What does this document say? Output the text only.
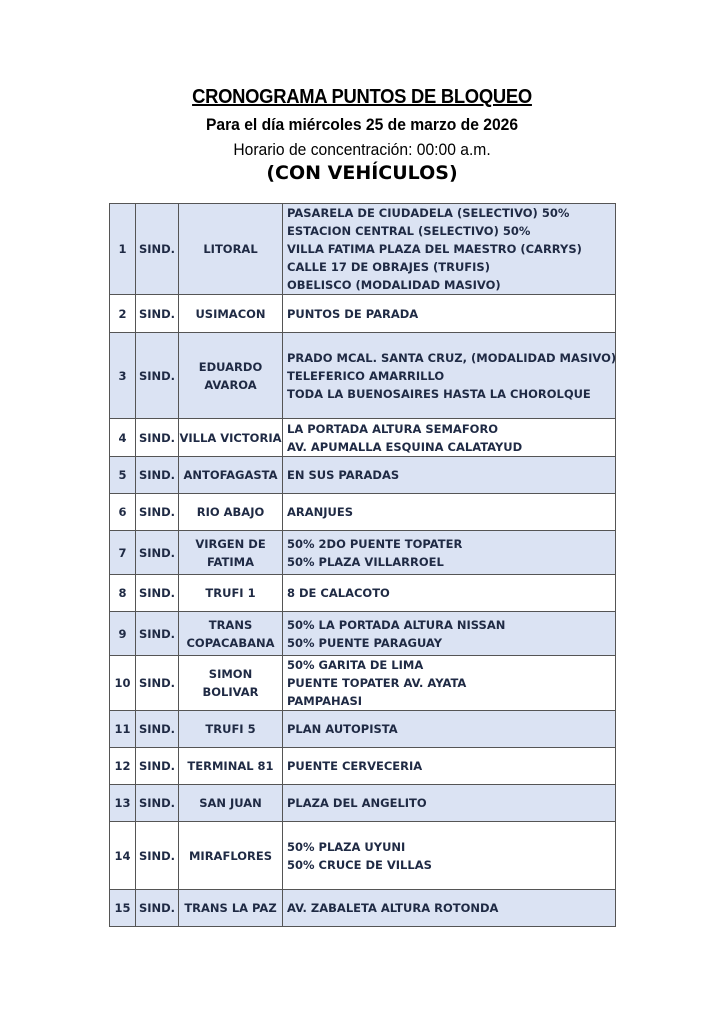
CRONOGRAMA PUNTOS DE BLOQUEO
Para el día miércoles 25 de marzo de 2026
Horario de concentración: 00:00 a.m.
(CON VEHÍCULOS)
1	SIND.	LITORAL	PASARELA DE CIUDADELA (SELECTIVO) 50%
ESTACION CENTRAL (SELECTIVO) 50%
VILLA FATIMA PLAZA DEL MAESTRO (CARRYS)
CALLE 17 DE OBRAJES (TRUFIS)
OBELISCO (MODALIDAD MASIVO)

2	SIND.	USIMACON	PUNTOS DE PARADA

3	SIND.	EDUARDO AVAROA	PRADO MCAL. SANTA CRUZ, (MODALIDAD MASIVO)
TELEFERICO AMARRILLO
TODA LA BUENOSAIRES HASTA LA CHOROLQUE

4	SIND.	VILLA VICTORIA	LA PORTADA ALTURA SEMAFORO
AV. APUMALLA ESQUINA CALATAYUD

5	SIND.	ANTOFAGASTA	EN SUS PARADAS

6	SIND.	RIO ABAJO	ARANJUES

7	SIND.	VIRGEN DE FATIMA	50% 2DO PUENTE TOPATER
50% PLAZA VILLARROEL

8	SIND.	TRUFI 1	8 DE CALACOTO

9	SIND.	TRANS COPACABANA	50% LA PORTADA ALTURA NISSAN
50% PUENTE PARAGUAY

10	SIND.	SIMON BOLIVAR	50% GARITA DE LIMA
PUENTE TOPATER AV. AYATA
PAMPAHASI

11	SIND.	TRUFI 5	PLAN AUTOPISTA

12	SIND.	TERMINAL 81	PUENTE CERVECERIA

13	SIND.	SAN JUAN	PLAZA DEL ANGELITO

14	SIND.	MIRAFLORES	50% PLAZA UYUNI
50% CRUCE DE VILLAS

15	SIND.	TRANS LA PAZ	AV. ZABALETA ALTURA ROTONDA
